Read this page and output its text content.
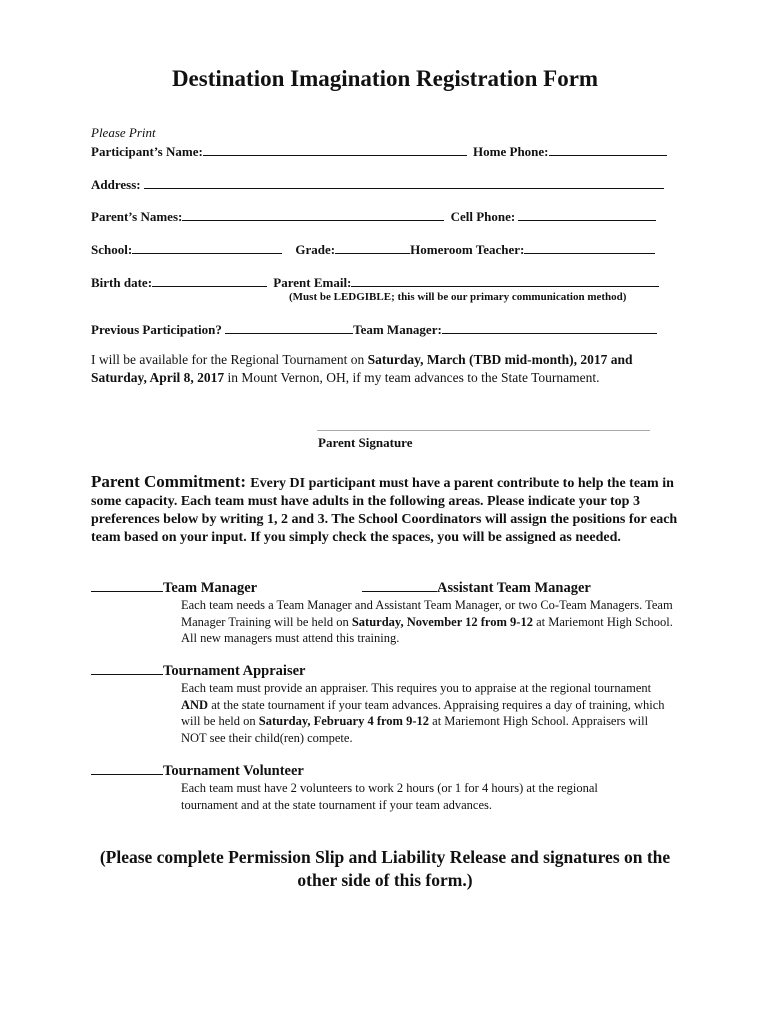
Destination Imagination Registration Form
Please Print
Participant’s Name:	Home Phone:
Address:
Parent’s Names:	Cell Phone:
School:	Grade:	Homeroom Teacher:
Birth date:	Parent Email:
(Must be LEDGIBLE; this will be our primary communication method)
Previous Participation?	Team Manager:
I will be available for the Regional Tournament on Saturday, March (TBD mid-month), 2017 and Saturday, April 8, 2017 in Mount Vernon, OH, if my team advances to the State Tournament.
Parent Signature
Parent Commitment: Every DI participant must have a parent contribute to help the team in some capacity. Each team must have adults in the following areas. Please indicate your top 3 preferences below by writing 1, 2 and 3. The School Coordinators will assign the positions for each team based on your input. If you simply check the spaces, you will be assigned as needed.
Team Manager	Assistant Team Manager
Each team needs a Team Manager and Assistant Team Manager, or two Co-Team Managers. Team Manager Training will be held on Saturday, November 12 from 9-12 at Mariemont High School. All new managers must attend this training.
Tournament Appraiser
Each team must provide an appraiser. This requires you to appraise at the regional tournament AND at the state tournament if your team advances. Appraising requires a day of training, which will be held on Saturday, February 4 from 9-12 at Mariemont High School. Appraisers will NOT see their child(ren) compete.
Tournament Volunteer
Each team must have 2 volunteers to work 2 hours (or 1 for 4 hours) at the regional tournament and at the state tournament if your team advances.
(Please complete Permission Slip and Liability Release and signatures on the other side of this form.)
